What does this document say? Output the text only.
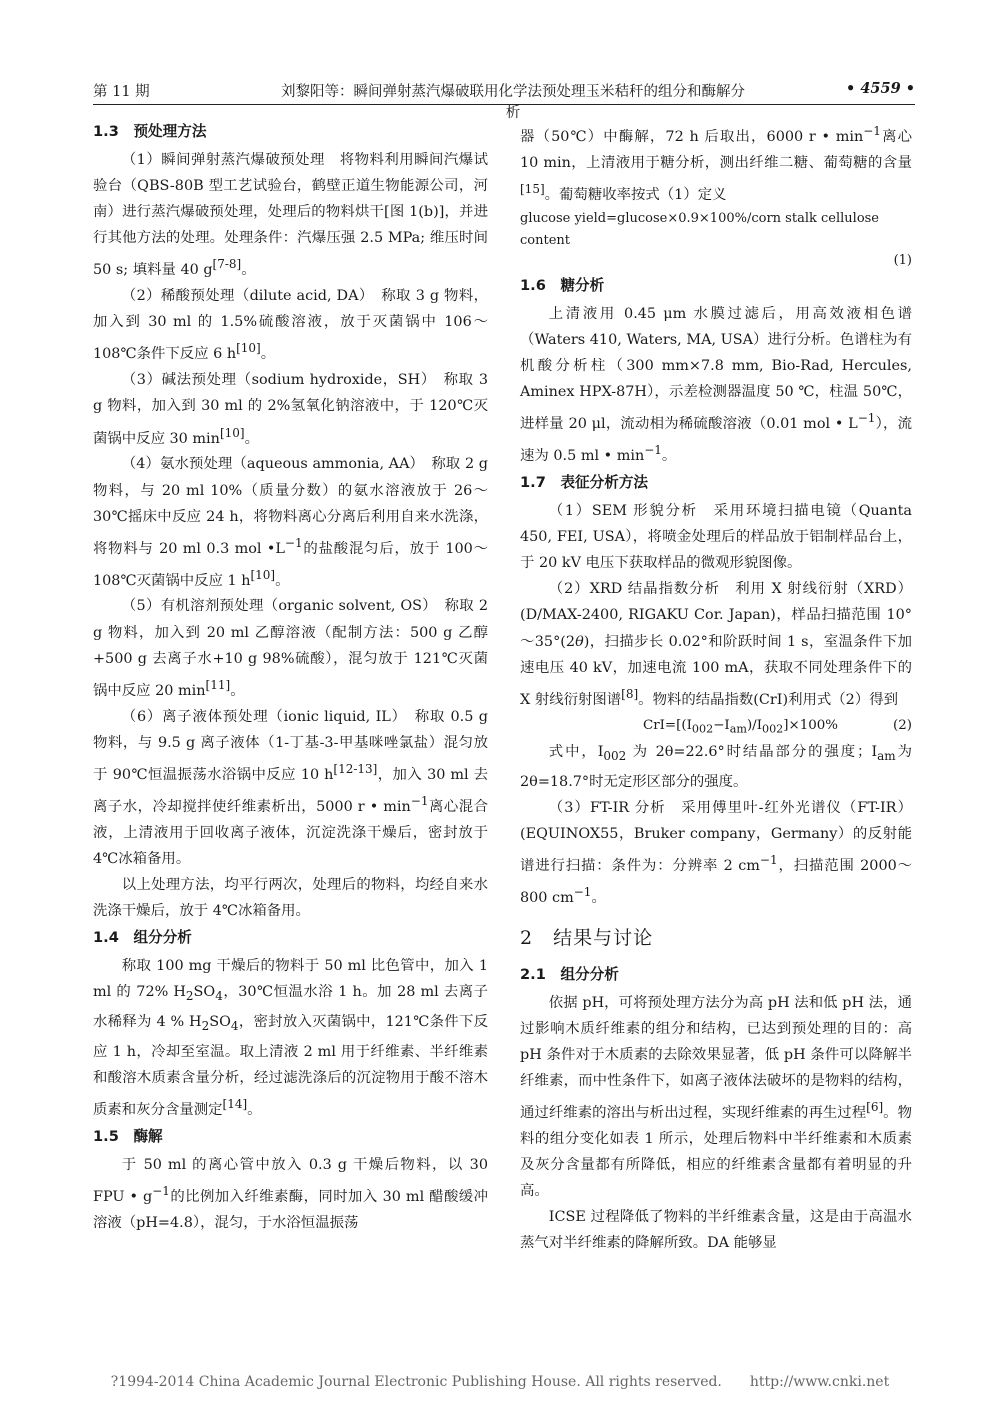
第 11 期	刘黎阳等：瞬间弹射蒸汽爆破联用化学法预处理玉米秸秆的组分和酶解分析
• 4559 •
1.3　预处理方法

（1）瞬间弹射蒸汽爆破预处理　将物料利用瞬间汽爆试验台（QBS-80B 型工艺试验台，鹤壁正道生物能源公司，河南）进行蒸汽爆破预处理，处理后的物料烘干[图 1(b)]，并进行其他方法的处理。处理条件：汽爆压强 2.5 MPa; 维压时间 50 s; 填料量 40 g[7-8]。

（2）稀酸预处理（dilute acid, DA）　称取 3 g 物料，加入到 30 ml 的 1.5%硫酸溶液，放于灭菌锅中 106～108℃条件下反应 6 h[10]。

（3）碱法预处理（sodium hydroxide，SH）　称取 3 g 物料，加入到 30 ml 的 2%氢氧化钠溶液中，于 120℃灭菌锅中反应 30 min[10]。

（4）氨水预处理（aqueous ammonia, AA）　称取 2 g 物料，与 20 ml 10%（质量分数）的氨水溶液放于 26～30℃摇床中反应 24 h，将物料离心分离后利用自来水洗涤，将物料与 20 ml 0.3 mol $•L^{-1}$的盐酸混匀后，放于 100～108℃灭菌锅中反应 1 h[10]。

（5）有机溶剂预处理（organic solvent, OS）　称取 2 g 物料，加入到 20 ml 乙醇溶液（配制方法：500 g 乙醇+500 g 去离子水+10 g 98%硫酸），混匀放于 121℃灭菌锅中反应 20 min[11]。

（6）离子液体预处理（ionic liquid, IL）　称取 0.5 g 物料，与 9.5 g 离子液体（1-丁基-3-甲基咪唑氯盐）混匀放于 90℃恒温振荡水浴锅中反应 10 h[12-13]，加入 30 ml 去离子水，冷却搅拌使纤维素析出，5000 r • $\min^{-1}$离心混合液，上清液用于回收离子液体，沉淀洗涤干燥后，密封放于 4℃冰箱备用。

以上处理方法，均平行两次，处理后的物料，均经自来水洗涤干燥后，放于 4℃冰箱备用。

1.4　组分分析

称取 100 mg 干燥后的物料于 50 ml 比色管中，加入 1 ml 的 72% $H_2SO_4$，30℃恒温水浴 1 h。加 28 ml 去离子水稀释为 4 % $H_2SO_4$，密封放入灭菌锅中，121℃条件下反应 1 h，冷却至室温。取上清液 2 ml 用于纤维素、半纤维素和酸溶木质素含量分析，经过滤洗涤后的沉淀物用于酸不溶木质素和灰分含量测定[14]。

1.5　酶解

于 50 ml 的离心管中放入 0.3 g 干燥后物料，以 30 FPU • $g^{-1}$的比例加入纤维素酶，同时加入 30 ml 醋酸缓冲溶液（pH=4.8），混匀，于水浴恒温振荡

器（50℃）中酶解，72 h 后取出，6000 r • $\min^{-1}$离心 10 min，上清液用于糖分析，测出纤维二糖、葡萄糖的含量[15]。葡萄糖收率按式（1）定义

glucose yield=glucose×0.9×100%/corn stalk cellulose content

(1)

1.6　糖分析

上清液用 0.45 μm 水膜过滤后，用高效液相色谱（Waters 410, Waters, MA, USA）进行分析。色谱柱为有机酸分析柱（300 mm×7.8 mm, Bio-Rad, Hercules, Aminex HPX-87H），示差检测器温度 50 ℃，柱温 50℃，进样量 20 μl，流动相为稀硫酸溶液（0.01 mol • $L^{-1}$），流速为 0.5 ml • $\min^{-1}$。

1.7　表征分析方法

（1）SEM 形貌分析　采用环境扫描电镜（Quanta 450, FEI, USA），将喷金处理后的样品放于铝制样品台上，于 20 kV 电压下获取样品的微观形貌图像。

（2）XRD 结晶指数分析　利用 X 射线衍射（XRD）(D/MAX-2400, RIGAKU Cor. Japan)，样品扫描范围 10°～35°(2θ)，扫描步长 0.02°和阶跃时间 1 s，室温条件下加速电压 40 kV，加速电流 100 mA，获取不同处理条件下的 X 射线衍射图谱[8]。物料的结晶指数(CrI)利用式（2）得到

$CrI=[(I_{002}-I_{am})/I_{002}]\times 100\%$	(2)

式中，$I_{002}$ 为 2θ=22.6°时结晶部分的强度；$I_{am}$为 2θ=18.7°时无定形区部分的强度。

（3）FT-IR 分析　采用傅里叶-红外光谱仪（FT-IR）(EQUINOX55，Bruker company，Germany）的反射能谱进行扫描：条件为：分辨率 2 $cm^{-1}$，扫描范围 2000～800 $cm^{-1}$。

2　结果与讨论
2.1　组分分析

依据 pH，可将预处理方法分为高 pH 法和低 pH 法，通过影响木质纤维素的组分和结构，已达到预处理的目的：高 pH 条件对于木质素的去除效果显著，低 pH 条件可以降解半纤维素，而中性条件下，如离子液体法破坏的是物料的结构，通过纤维素的溶出与析出过程，实现纤维素的再生过程[6]。物料的组分变化如表 1 所示，处理后物料中半纤维素和木质素及灰分含量都有所降低，相应的纤维素含量都有着明显的升高。

ICSE 过程降低了物料的半纤维素含量，这是由于高温水蒸气对半纤维素的降解所致。DA 能够显

?1994-2014 China Academic Journal Electronic Publishing House. All rights reserved.　　http://www.cnki.net
